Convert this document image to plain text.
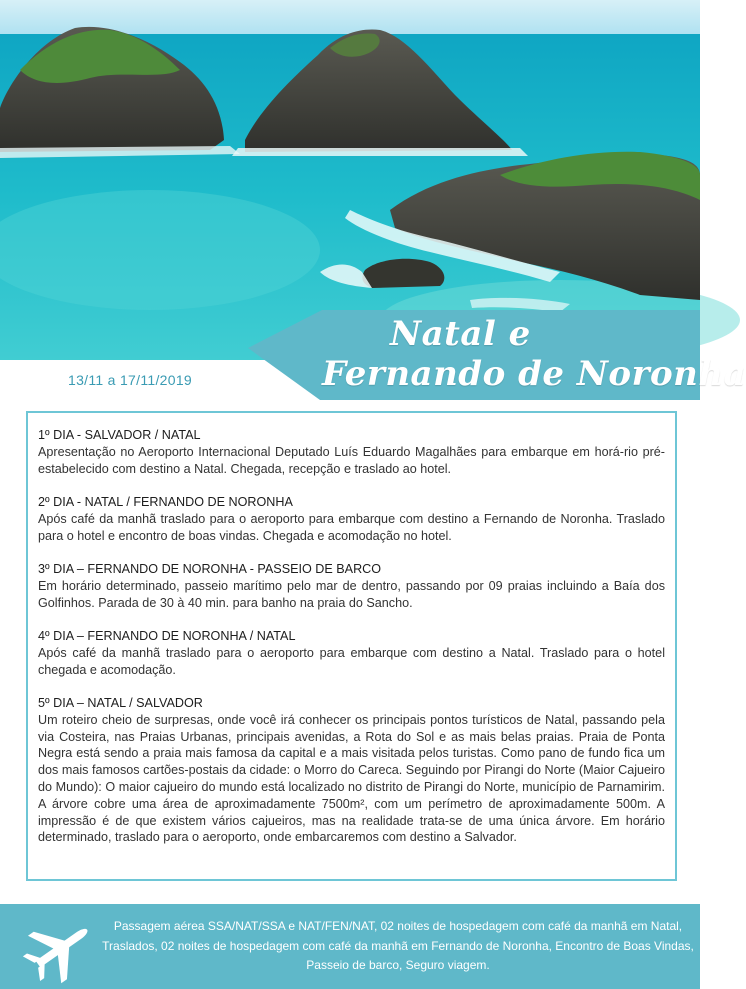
Natal e
Fernando de Noronha
13/11 a 17/11/2019
1º DIA - SALVADOR / NATAL
Apresentação no Aeroporto Internacional Deputado Luís Eduardo Magalhães para embarque em horá-rio pré-estabelecido com destino a Natal. Chegada, recepção e traslado ao hotel.
2º DIA - NATAL / FERNANDO DE NORONHA
Após café da manhã traslado para o aeroporto para embarque com destino a Fernando de Noronha. Traslado para o hotel e encontro de boas vindas. Chegada e acomodação no hotel.
3º DIA – FERNANDO DE NORONHA - PASSEIO DE BARCO
Em horário determinado, passeio marítimo pelo mar de dentro, passando por 09 praias incluindo a Baía dos Golfinhos. Parada de 30 à 40 min. para banho na praia do Sancho.
4º DIA – FERNANDO DE NORONHA / NATAL
Após café da manhã traslado para o aeroporto para embarque com destino a Natal. Traslado para o hotel chegada e acomodação.
5º DIA – NATAL / SALVADOR
Um roteiro cheio de surpresas, onde você irá conhecer os principais pontos turísticos de Natal, passando pela via Costeira, nas Praias Urbanas, principais avenidas, a Rota do Sol e as mais belas praias. Praia de Ponta Negra está sendo a praia mais famosa da capital e a mais visitada pelos turistas. Como pano de fundo fica um dos mais famosos cartões-postais da cidade: o Morro do Careca. Seguindo por Pirangi do Norte (Maior Cajueiro do Mundo): O maior cajueiro do mundo está localizado no distrito de Pirangi do Norte, município de Parnamirim. A árvore cobre uma área de aproximadamente 7500m², com um perímetro de aproximadamente 500m. A impressão é de que existem vários cajueiros, mas na realidade trata-se de uma única árvore. Em horário determinado, traslado para o aeroporto, onde embarcaremos com destino a Salvador.
Passagem aérea SSA/NAT/SSA e NAT/FEN/NAT, 02 noites de hospedagem com café da manhã em Natal,
Traslados, 02 noites de hospedagem com café da manhã em Fernando de Noronha, Encontro de Boas Vindas,
Passeio de barco, Seguro viagem.
